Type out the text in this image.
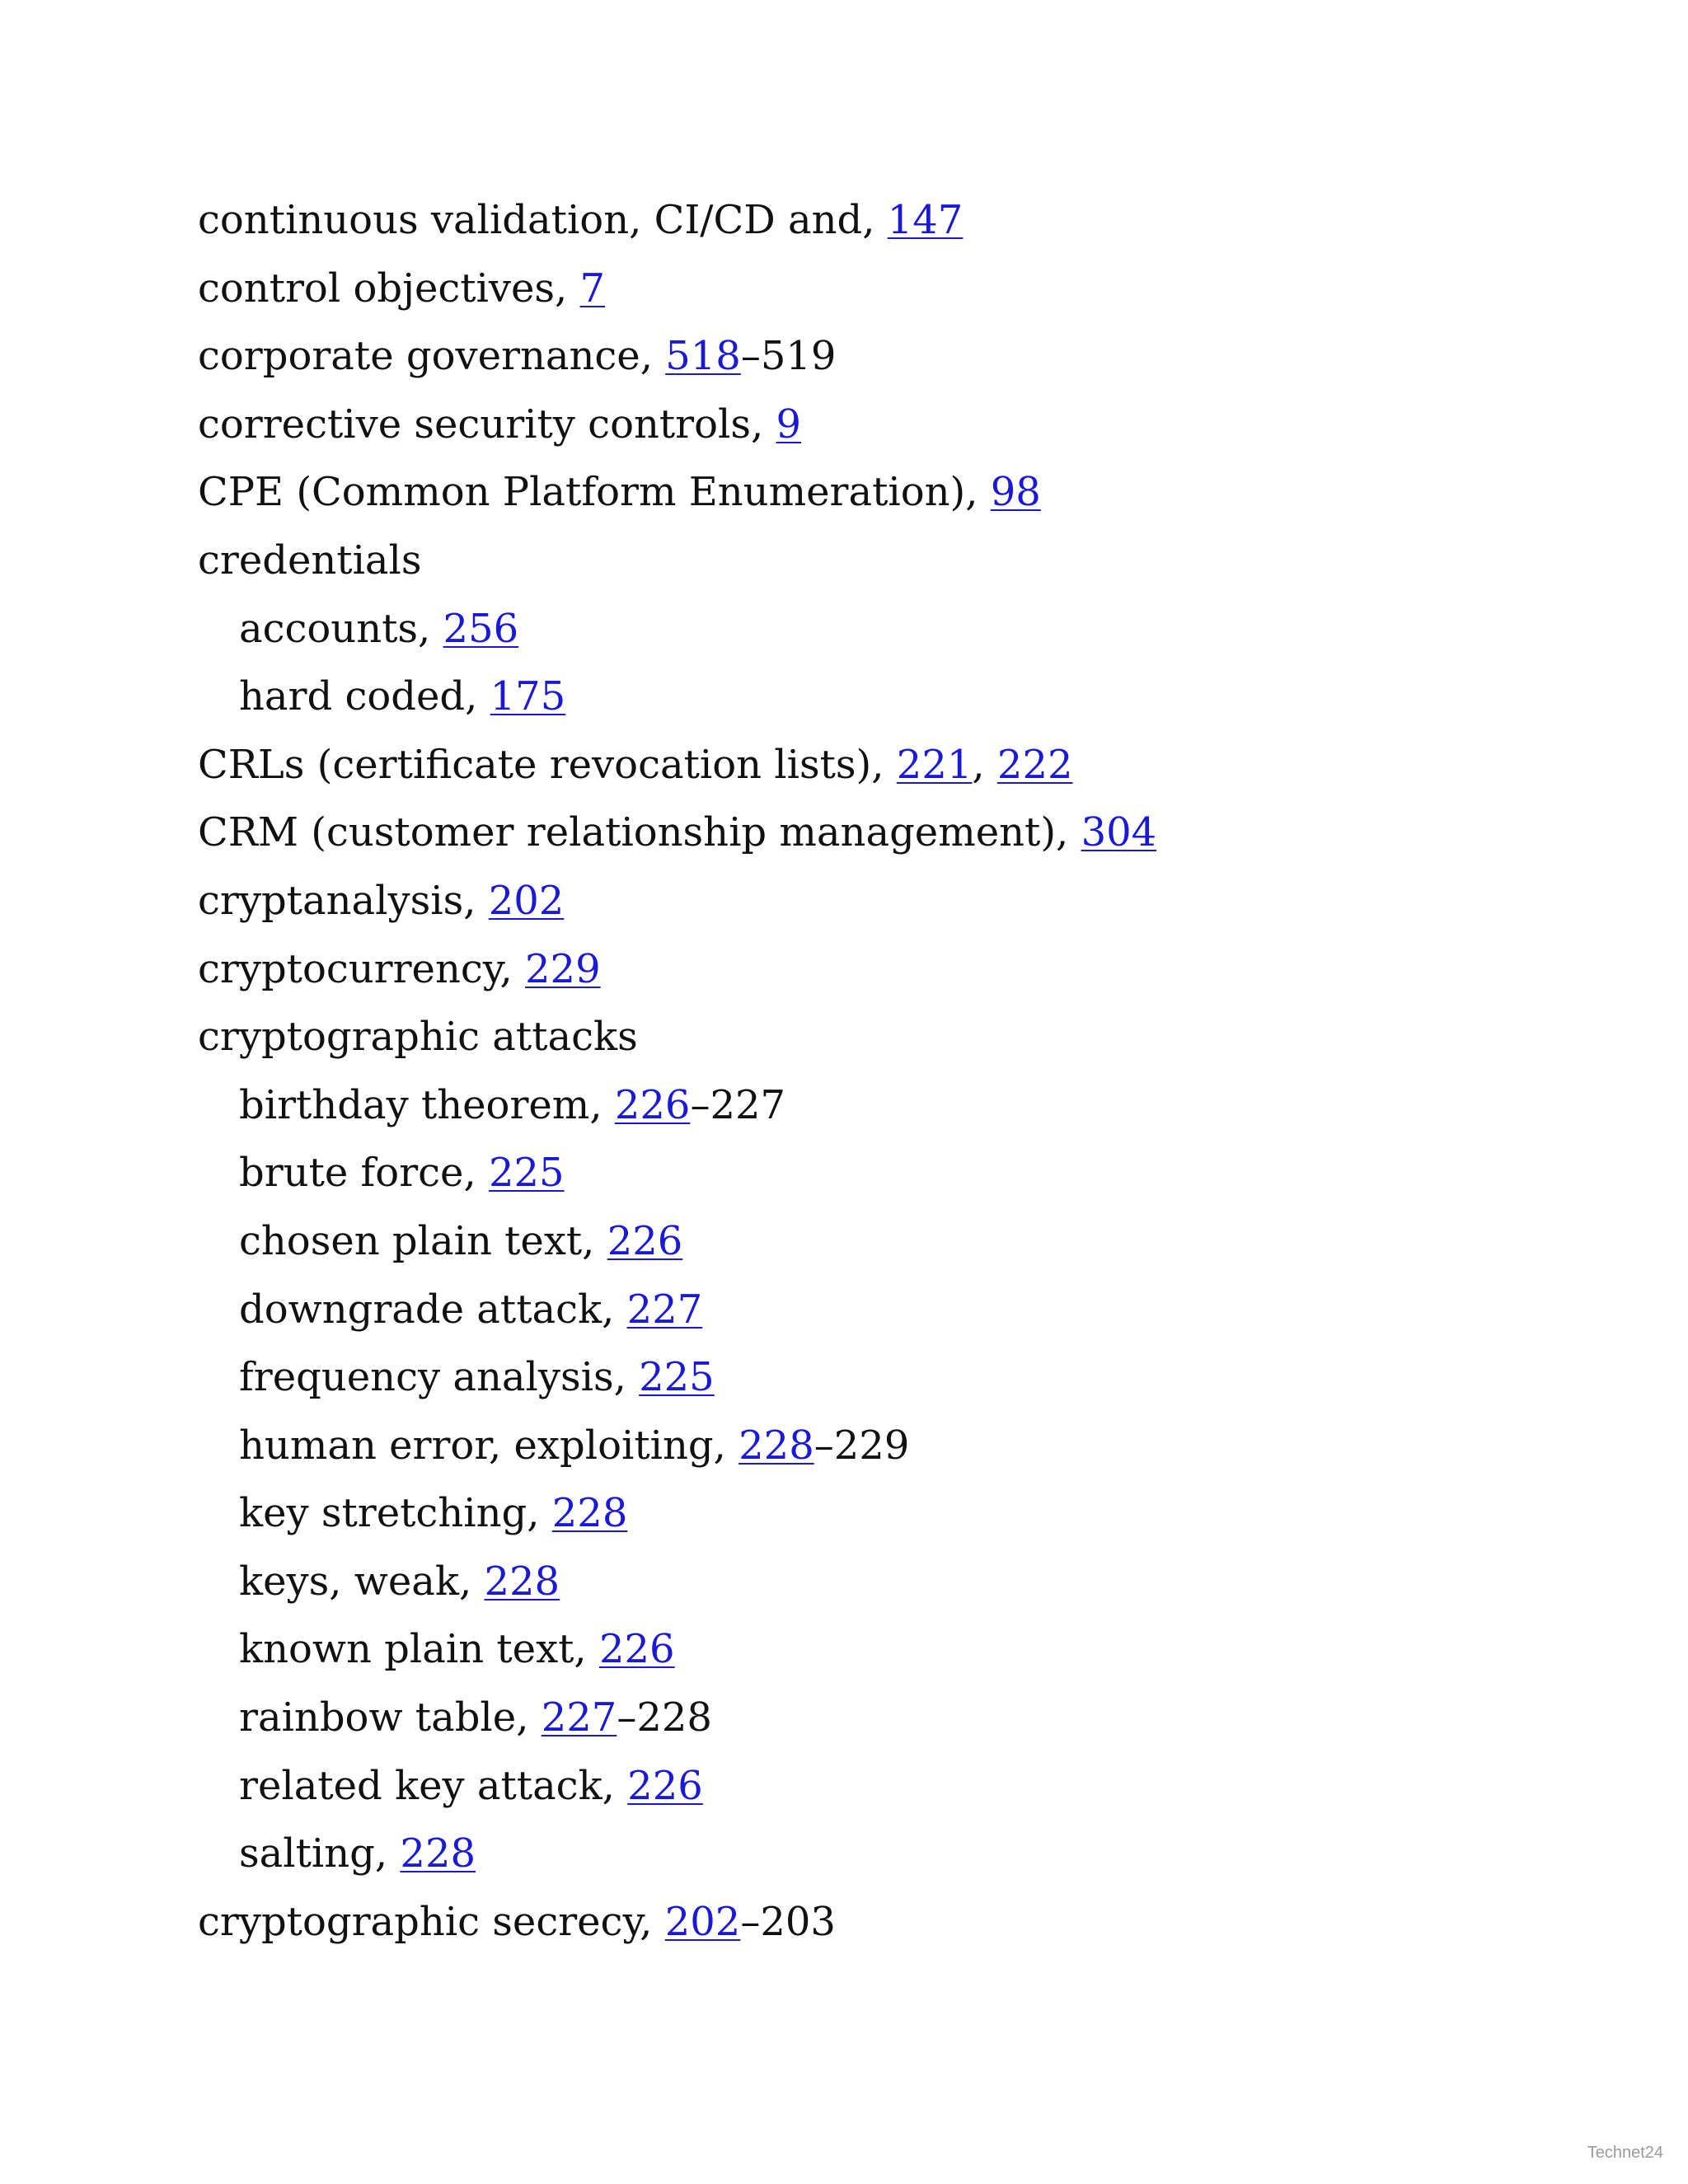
continuous validation, CI/CD and, 147
control objectives, 7
corporate governance, 518–519
corrective security controls, 9
CPE (Common Platform Enumeration), 98
credentials
accounts, 256
hard coded, 175
CRLs (certificate revocation lists), 221, 222
CRM (customer relationship management), 304
cryptanalysis, 202
cryptocurrency, 229
cryptographic attacks
birthday theorem, 226–227
brute force, 225
chosen plain text, 226
downgrade attack, 227
frequency analysis, 225
human error, exploiting, 228–229
key stretching, 228
keys, weak, 228
known plain text, 226
rainbow table, 227–228
related key attack, 226
salting, 228
cryptographic secrecy, 202–203
Technet24
